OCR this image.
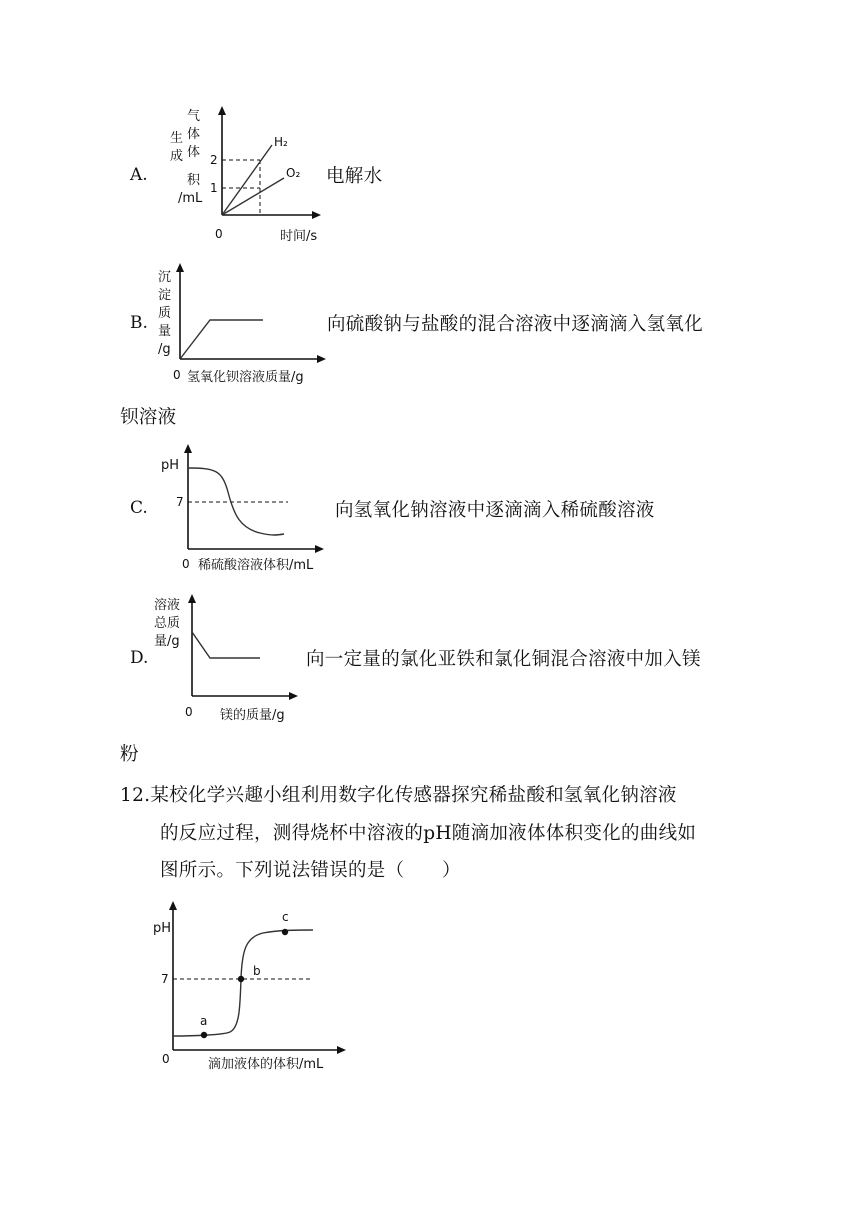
A.
气
体
体
积
/mL
生
成 2
1
H₂
O₂
0	时间/s
电解水
B.
沉
淀
质
量
/g
0 氢氧化钡溶液质量/g
向硫酸钠与盐酸的混合溶液中逐滴滴入氢氧化
钡溶液
C.
pH
7
0 稀硫酸溶液体积/mL
向氢氧化钠溶液中逐滴滴入稀硫酸溶液
D.
溶液
总质
量/g
0 镁的质量/g
向一定量的氯化亚铁和氯化铜混合溶液中加入镁
粉
12.某校化学兴趣小组利用数字化传感器探究稀盐酸和氢氧化钠溶液
的反应过程，测得烧杯中溶液的pH随滴加液体体积变化的曲线如
图所示。下列说法错误的是（　　）
pH
7
a
b
c
0	滴加液体的体积/mL
